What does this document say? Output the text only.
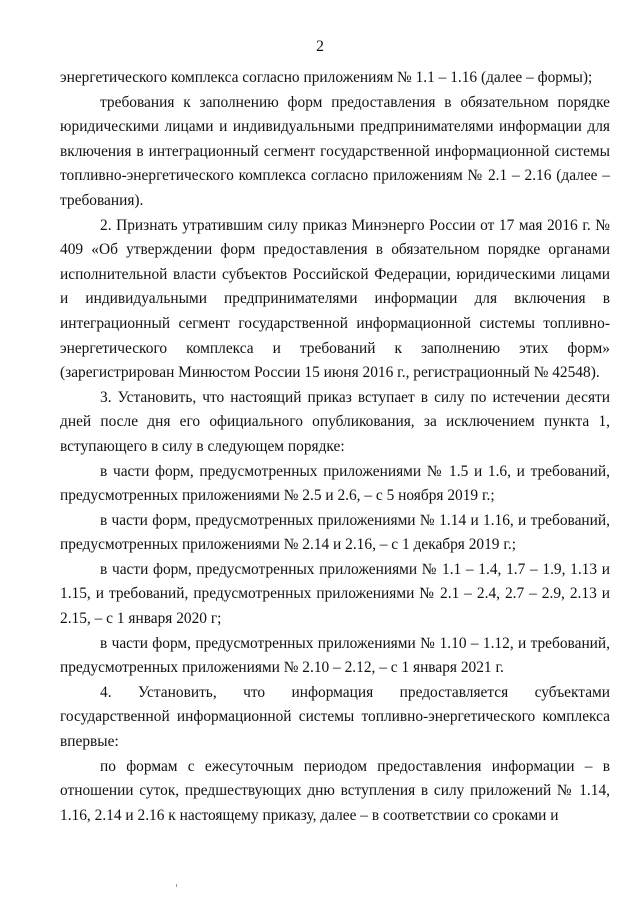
2

энергетического комплекса согласно приложениям № 1.1 – 1.16 (далее – формы);

требования к заполнению форм предоставления в обязательном порядке юридическими лицами и индивидуальными предпринимателями информации для включения в интеграционный сегмент государственной информационной системы топливно-энергетического комплекса согласно приложениям № 2.1 – 2.16 (далее – требования).

2. Признать утратившим силу приказ Минэнерго России от 17 мая 2016 г. № 409 «Об утверждении форм предоставления в обязательном порядке органами исполнительной власти субъектов Российской Федерации, юридическими лицами и индивидуальными предпринимателями информации для включения в интеграционный сегмент государственной информационной системы топливно-энергетического комплекса и требований к заполнению этих форм» (зарегистрирован Минюстом России 15 июня 2016 г., регистрационный № 42548).

3. Установить, что настоящий приказ вступает в силу по истечении десяти дней после дня его официального опубликования, за исключением пункта 1, вступающего в силу в следующем порядке:

в части форм, предусмотренных приложениями № 1.5 и 1.6, и требований, предусмотренных приложениями № 2.5 и 2.6, – с 5 ноября 2019 г.;

в части форм, предусмотренных приложениями № 1.14 и 1.16, и требований, предусмотренных приложениями № 2.14 и 2.16, – с 1 декабря 2019 г.;

в части форм, предусмотренных приложениями № 1.1 – 1.4, 1.7 – 1.9, 1.13 и 1.15, и требований, предусмотренных приложениями № 2.1 – 2.4, 2.7 – 2.9, 2.13 и 2.15, – с 1 января 2020 г;

в части форм, предусмотренных приложениями № 1.10 – 1.12, и требований, предусмотренных приложениями № 2.10 – 2.12, – с 1 января 2021 г.

4. Установить, что информация предоставляется субъектами государственной информационной системы топливно-энергетического комплекса впервые:

по формам с ежесуточным периодом предоставления информации – в отношении суток, предшествующих дню вступления в силу приложений № 1.14, 1.16, 2.14 и 2.16 к настоящему приказу, далее – в соответствии со сроками и
